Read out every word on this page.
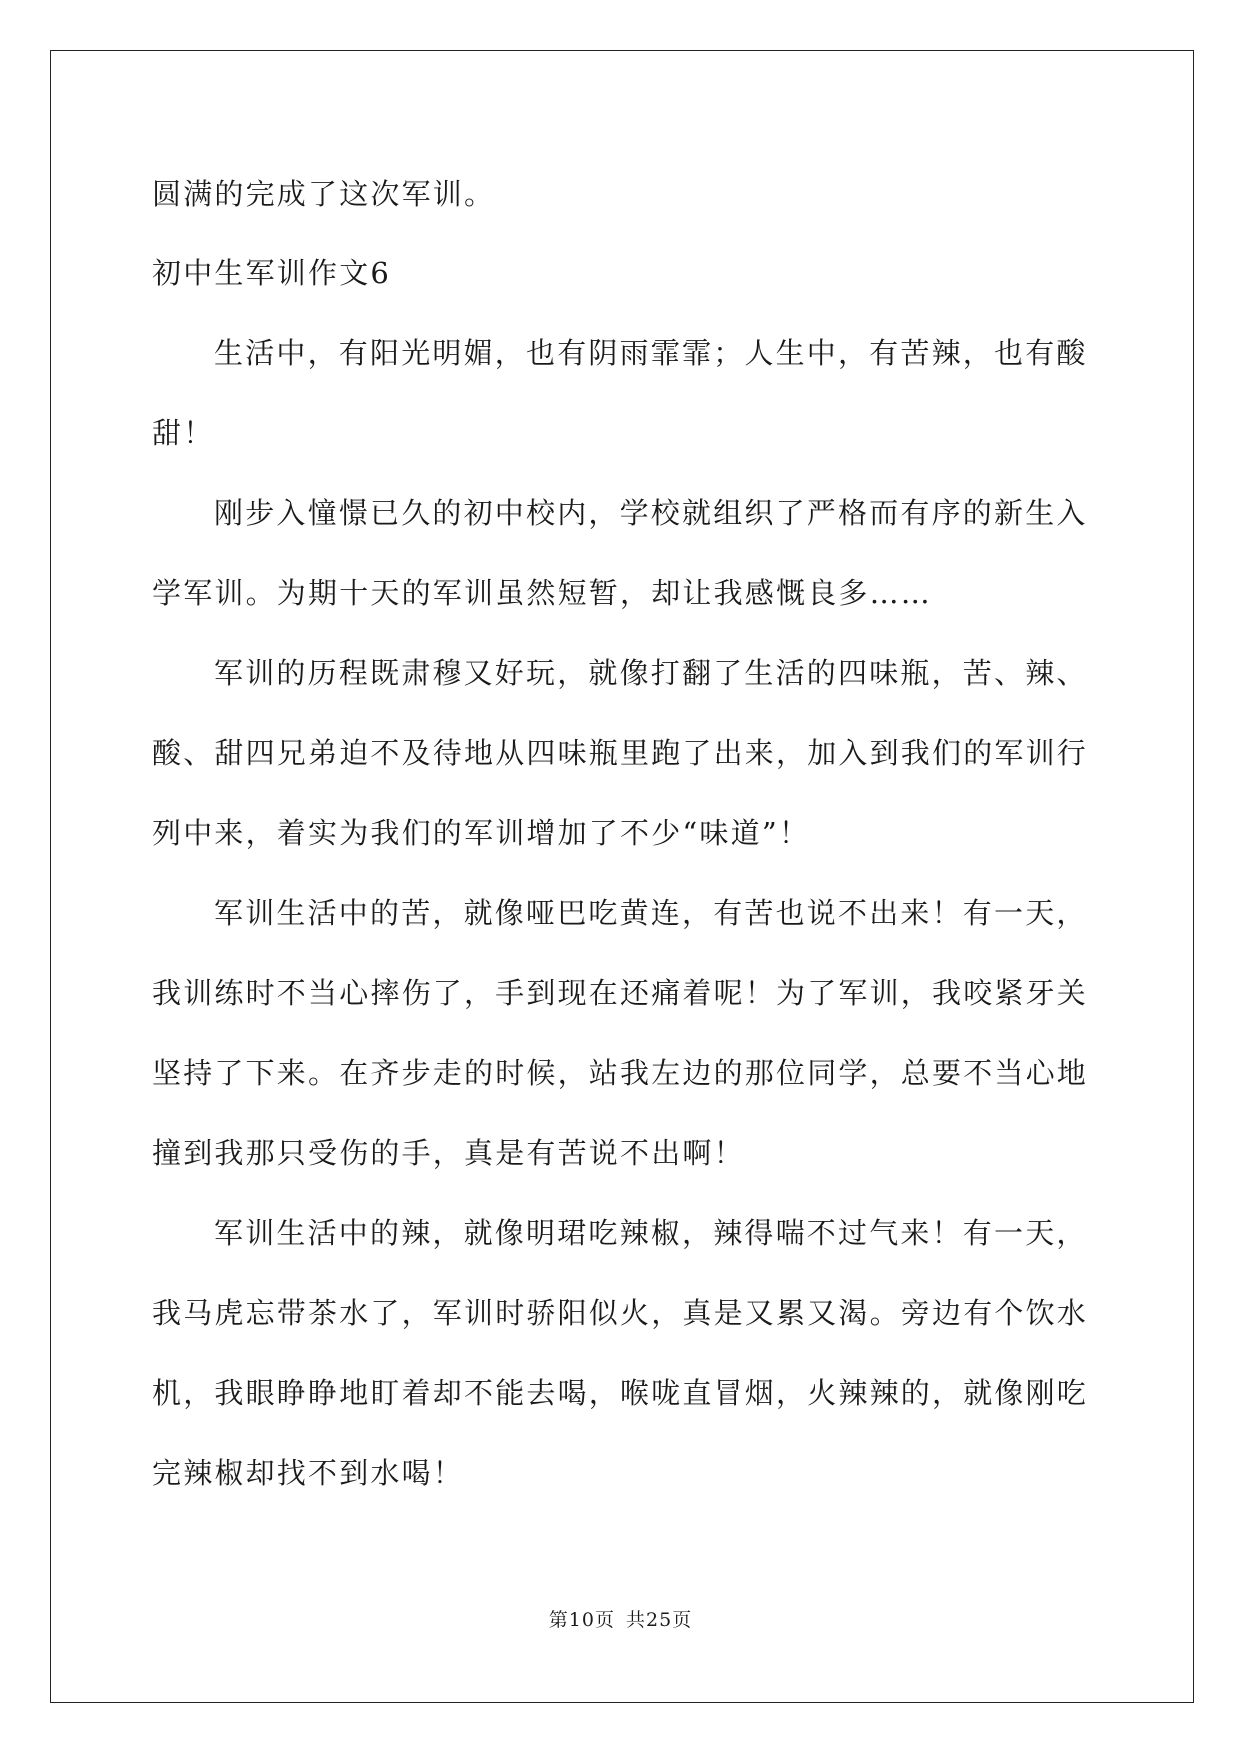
圆满的完成了这次军训。
初中生军训作文6
生活中，有阳光明媚，也有阴雨霏霏；人生中，有苦辣，也有酸
甜！
刚步入憧憬已久的初中校内，学校就组织了严格而有序的新生入
学军训。为期十天的军训虽然短暂，却让我感慨良多……
军训的历程既肃穆又好玩，就像打翻了生活的四味瓶，苦、辣、
酸、甜四兄弟迫不及待地从四味瓶里跑了出来，加入到我们的军训行
列中来，着实为我们的军训增加了不少“味道”！
军训生活中的苦，就像哑巴吃黄连，有苦也说不出来！有一天，
我训练时不当心摔伤了，手到现在还痛着呢！为了军训，我咬紧牙关
坚持了下来。在齐步走的时候，站我左边的那位同学，总要不当心地
撞到我那只受伤的手，真是有苦说不出啊！
军训生活中的辣，就像明珺吃辣椒，辣得喘不过气来！有一天，
我马虎忘带茶水了，军训时骄阳似火，真是又累又渴。旁边有个饮水
机，我眼睁睁地盯着却不能去喝，喉咙直冒烟，火辣辣的，就像刚吃
完辣椒却找不到水喝！
第10页 共25页
